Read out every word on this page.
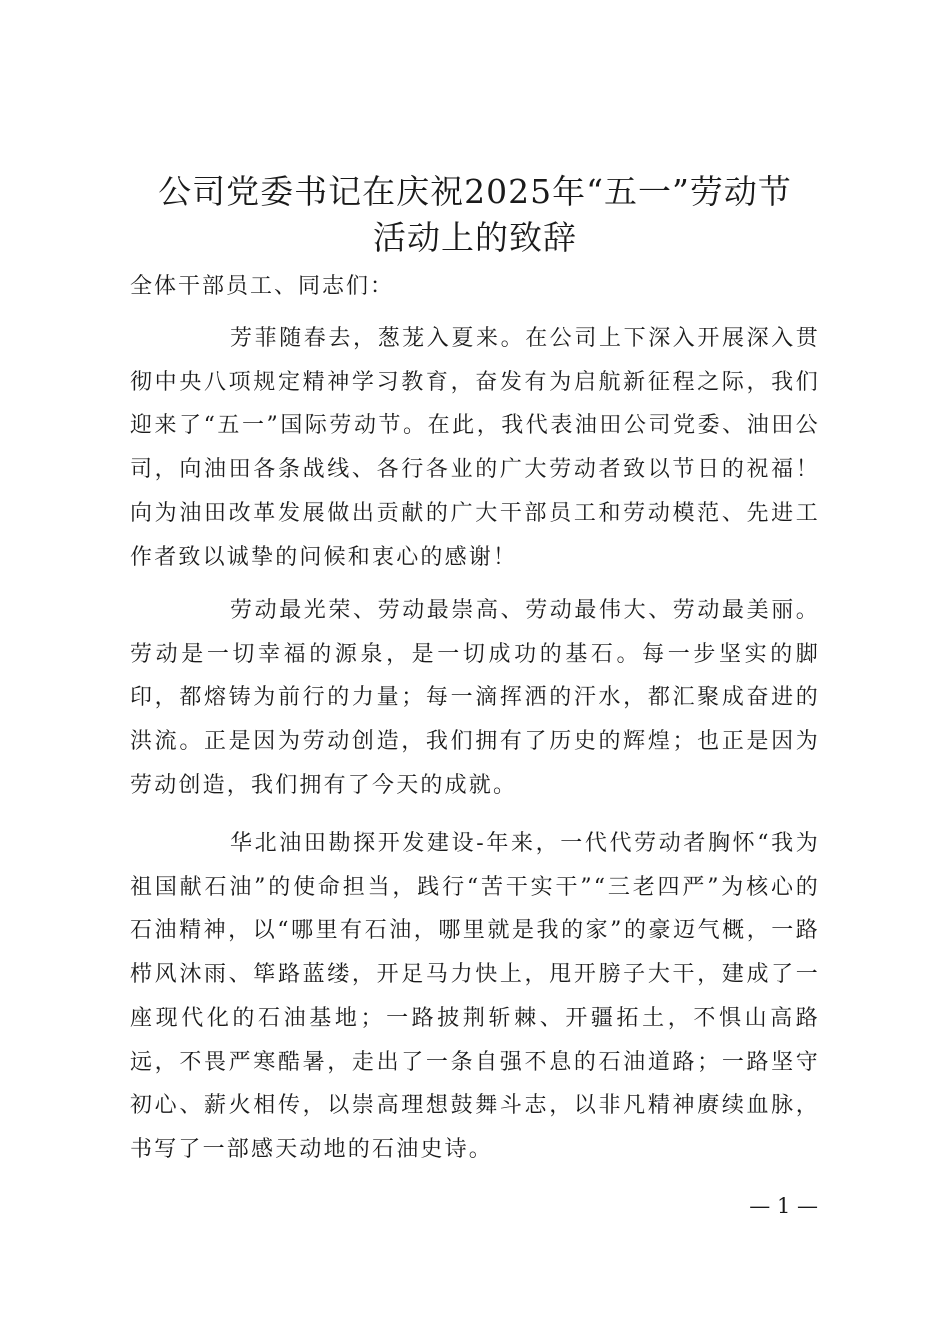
公司党委书记在庆祝2025年“五一”劳动节
活动上的致辞

全体干部员工、同志们：

芳菲随春去，葱茏入夏来。在公司上下深入开展深入贯彻中央八项规定精神学习教育，奋发有为启航新征程之际，我们迎来了“五一”国际劳动节。在此，我代表油田公司党委、油田公司，向油田各条战线、各行各业的广大劳动者致以节日的祝福！向为油田改革发展做出贡献的广大干部员工和劳动模范、先进工作者致以诚挚的问候和衷心的感谢！

劳动最光荣、劳动最崇高、劳动最伟大、劳动最美丽。劳动是一切幸福的源泉，是一切成功的基石。每一步坚实的脚印，都熔铸为前行的力量；每一滴挥洒的汗水，都汇聚成奋进的洪流。正是因为劳动创造，我们拥有了历史的辉煌；也正是因为劳动创造，我们拥有了今天的成就。

华北油田勘探开发建设-年来，一代代劳动者胸怀“我为祖国献石油”的使命担当，践行“苦干实干”“三老四严”为核心的石油精神，以“哪里有石油，哪里就是我的家”的豪迈气概，一路栉风沐雨、筚路蓝缕，开足马力快上，甩开膀子大干，建成了一座现代化的石油基地；一路披荆斩棘、开疆拓土，不惧山高路远，不畏严寒酷暑，走出了一条自强不息的石油道路；一路坚守初心、薪火相传，以崇高理想鼓舞斗志，以非凡精神赓续血脉，书写了一部感天动地的石油史诗。

— 1 —
